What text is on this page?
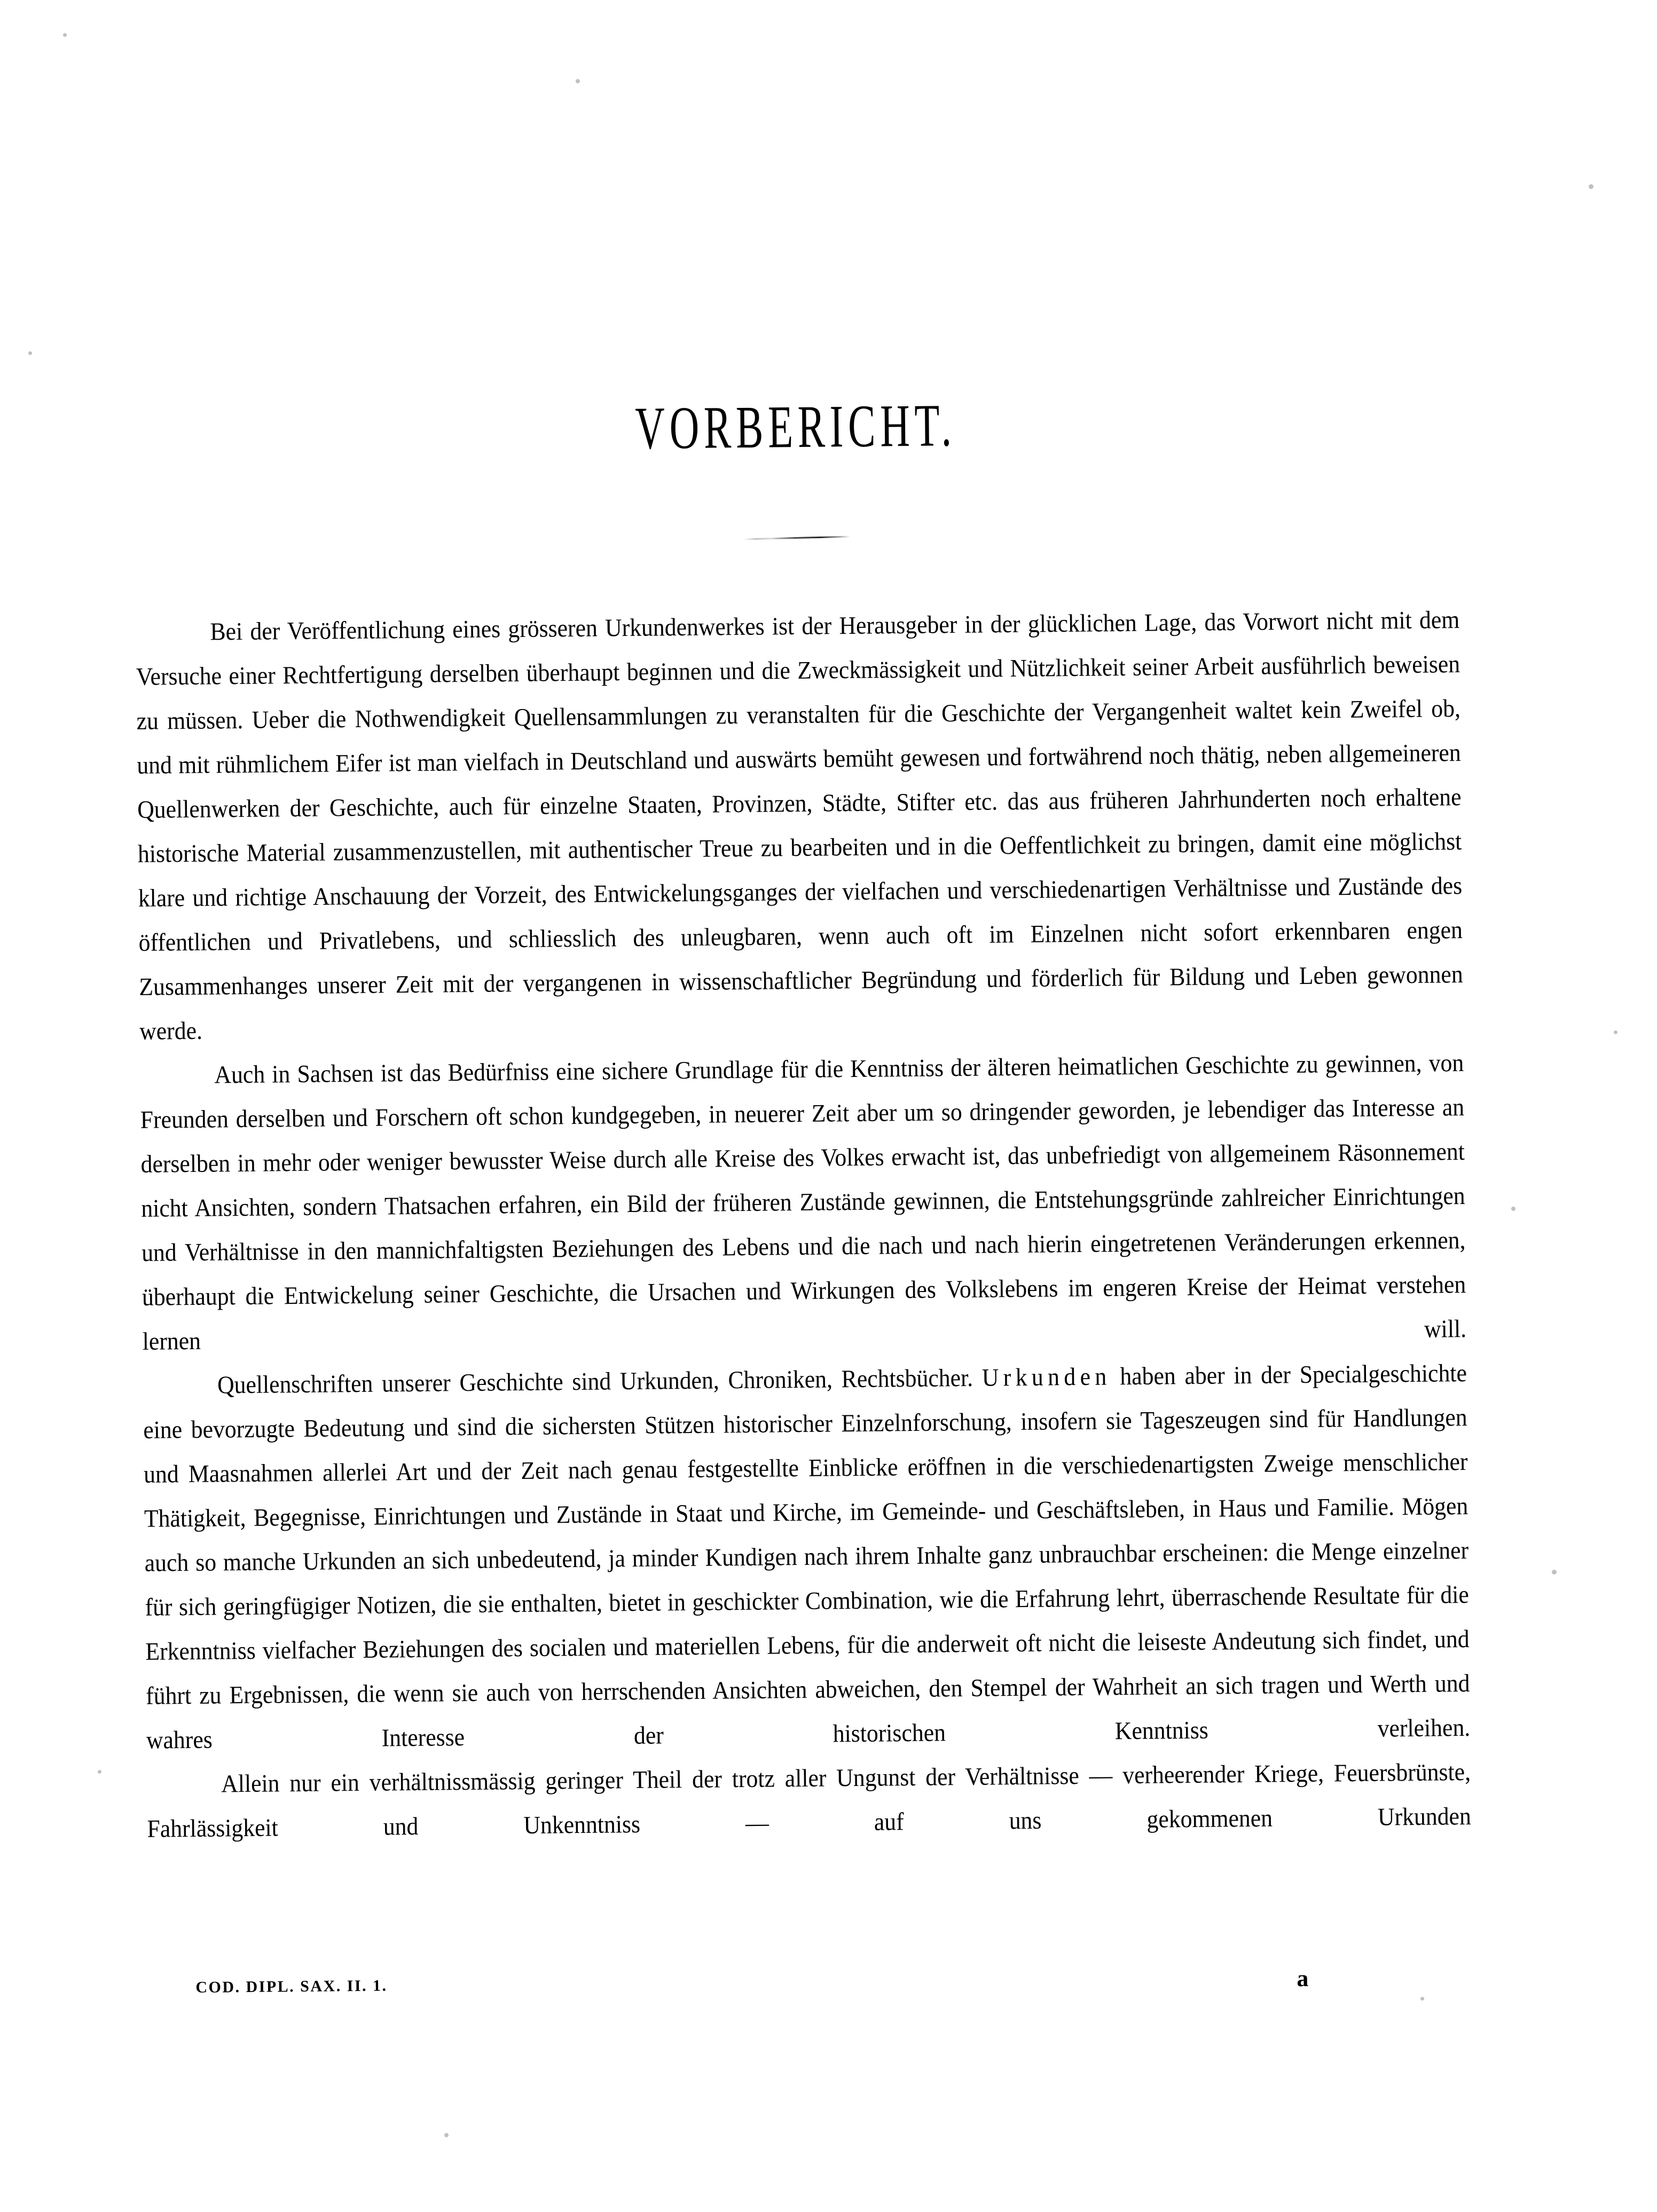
VORBERICHT.

Bei der Veröffentlichung eines grösseren Urkundenwerkes ist der Herausgeber in der glücklichen Lage, das Vorwort nicht mit dem Versuche einer Rechtfertigung derselben überhaupt beginnen und die Zweckmässigkeit und Nützlichkeit seiner Arbeit ausführlich beweisen zu müssen. Ueber die Nothwendigkeit Quellensammlungen zu veranstalten für die Geschichte der Vergangenheit waltet kein Zweifel ob, und mit rühmlichem Eifer ist man vielfach in Deutschland und auswärts bemüht gewesen und fortwährend noch thätig, neben allgemeineren Quellenwerken der Geschichte, auch für einzelne Staaten, Provinzen, Städte, Stifter etc. das aus früheren Jahrhunderten noch erhaltene historische Material zusammenzustellen, mit authentischer Treue zu bearbeiten und in die Oeffentlichkeit zu bringen, damit eine möglichst klare und richtige Anschauung der Vorzeit, des Entwickelungsganges der vielfachen und verschiedenartigen Verhältnisse und Zustände des öffentlichen und Privatlebens, und schliesslich des unleugbaren, wenn auch oft im Einzelnen nicht sofort erkennbaren engen Zusammenhanges unserer Zeit mit der vergangenen in wissenschaftlicher Begründung und förderlich für Bildung und Leben gewonnen werde.

Auch in Sachsen ist das Bedürfniss eine sichere Grundlage für die Kenntniss der älteren heimatlichen Geschichte zu gewinnen, von Freunden derselben und Forschern oft schon kundgegeben, in neuerer Zeit aber um so dringender geworden, je lebendiger das Interesse an derselben in mehr oder weniger bewusster Weise durch alle Kreise des Volkes erwacht ist, das unbefriedigt von allgemeinem Räsonnement nicht Ansichten, sondern Thatsachen erfahren, ein Bild der früheren Zustände gewinnen, die Entstehungsgründe zahlreicher Einrichtungen und Verhältnisse in den mannichfaltigsten Beziehungen des Lebens und die nach und nach hierin eingetretenen Veränderungen erkennen, überhaupt die Entwickelung seiner Geschichte, die Ursachen und Wirkungen des Volkslebens im engeren Kreise der Heimat verstehen lernen will.

Quellenschriften unserer Geschichte sind Urkunden, Chroniken, Rechtsbücher. Urkunden haben aber in der Specialgeschichte eine bevorzugte Bedeutung und sind die sichersten Stützen historischer Einzelnforschung, insofern sie Tageszeugen sind für Handlungen und Maasnahmen allerlei Art und der Zeit nach genau festgestellte Einblicke eröffnen in die verschiedenartigsten Zweige menschlicher Thätigkeit, Begegnisse, Einrichtungen und Zustände in Staat und Kirche, im Gemeinde- und Geschäftsleben, in Haus und Familie. Mögen auch so manche Urkunden an sich unbedeutend, ja minder Kundigen nach ihrem Inhalte ganz unbrauchbar erscheinen: die Menge einzelner für sich geringfügiger Notizen, die sie enthalten, bietet in geschickter Combination, wie die Erfahrung lehrt, überraschende Resultate für die Erkenntniss vielfacher Beziehungen des socialen und materiellen Lebens, für die anderweit oft nicht die leiseste Andeutung sich findet, und führt zu Ergebnissen, die wenn sie auch von herrschenden Ansichten abweichen, den Stempel der Wahrheit an sich tragen und Werth und wahres Interesse der historischen Kenntniss verleihen.

Allein nur ein verhältnissmässig geringer Theil der trotz aller Ungunst der Verhältnisse — verheerender Kriege, Feuersbrünste, Fahrlässigkeit und Unkenntniss — auf uns gekommenen Urkunden

COD. DIPL. SAX. II. 1.	a
